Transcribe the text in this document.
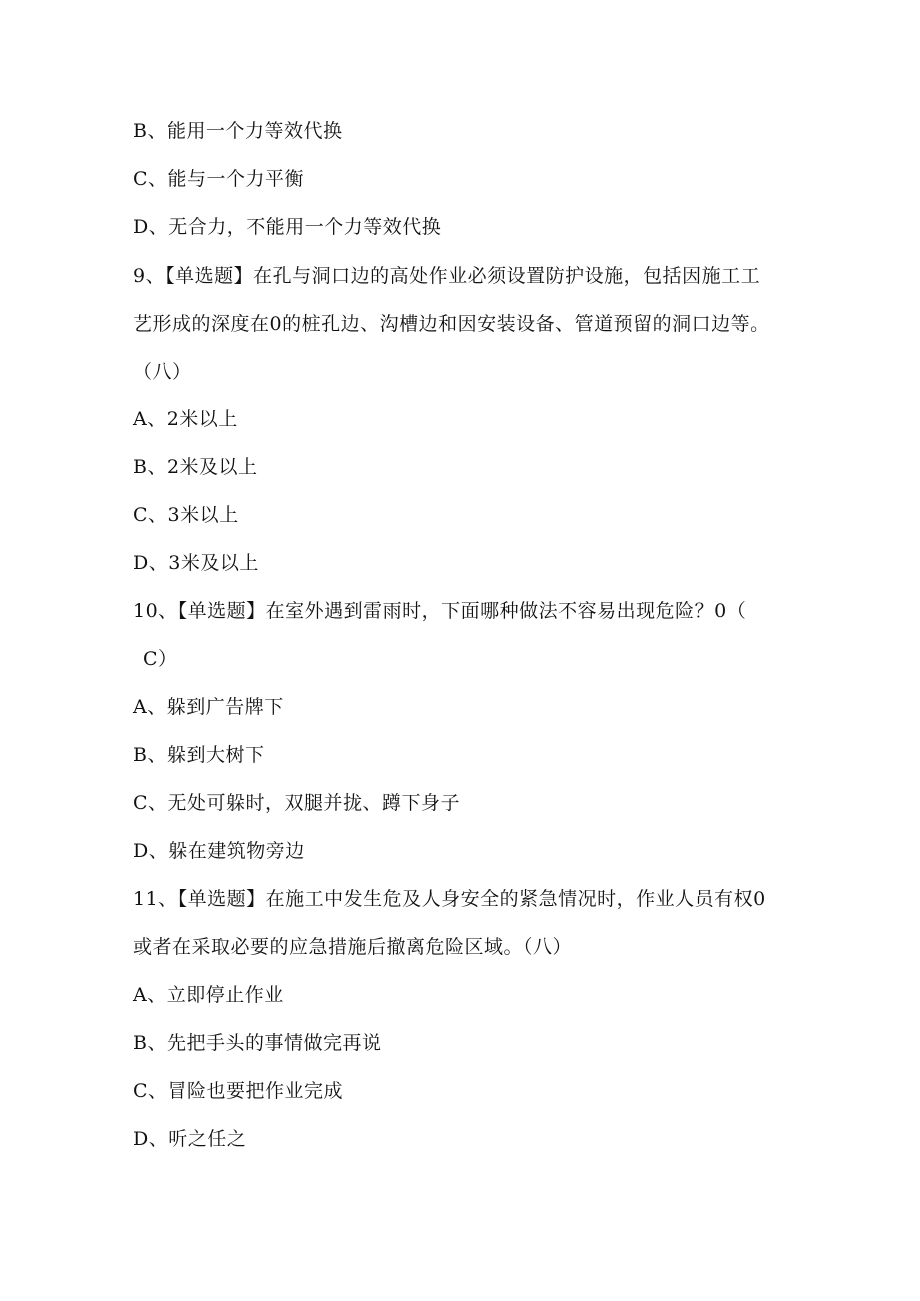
B、能用一个力等效代换
C、能与一个力平衡
D、无合力，不能用一个力等效代换
9、【单选题】在孔与洞口边的高处作业必须设置防护设施，包括因施工工
艺形成的深度在0的桩孔边、沟槽边和因安装设备、管道预留的洞口边等。
（八）
A、2米以上
B、2米及以上
C、3米以上
D、3米及以上
10、【单选题】在室外遇到雷雨时，下面哪种做法不容易出现危险？0（
C）
A、躲到广告牌下
B、躲到大树下
C、无处可躲时，双腿并拢、蹲下身子
D、躲在建筑物旁边
11、【单选题】在施工中发生危及人身安全的紧急情况时，作业人员有权0
或者在采取必要的应急措施后撤离危险区域。（八）
A、立即停止作业
B、先把手头的事情做完再说
C、冒险也要把作业完成
D、听之任之
